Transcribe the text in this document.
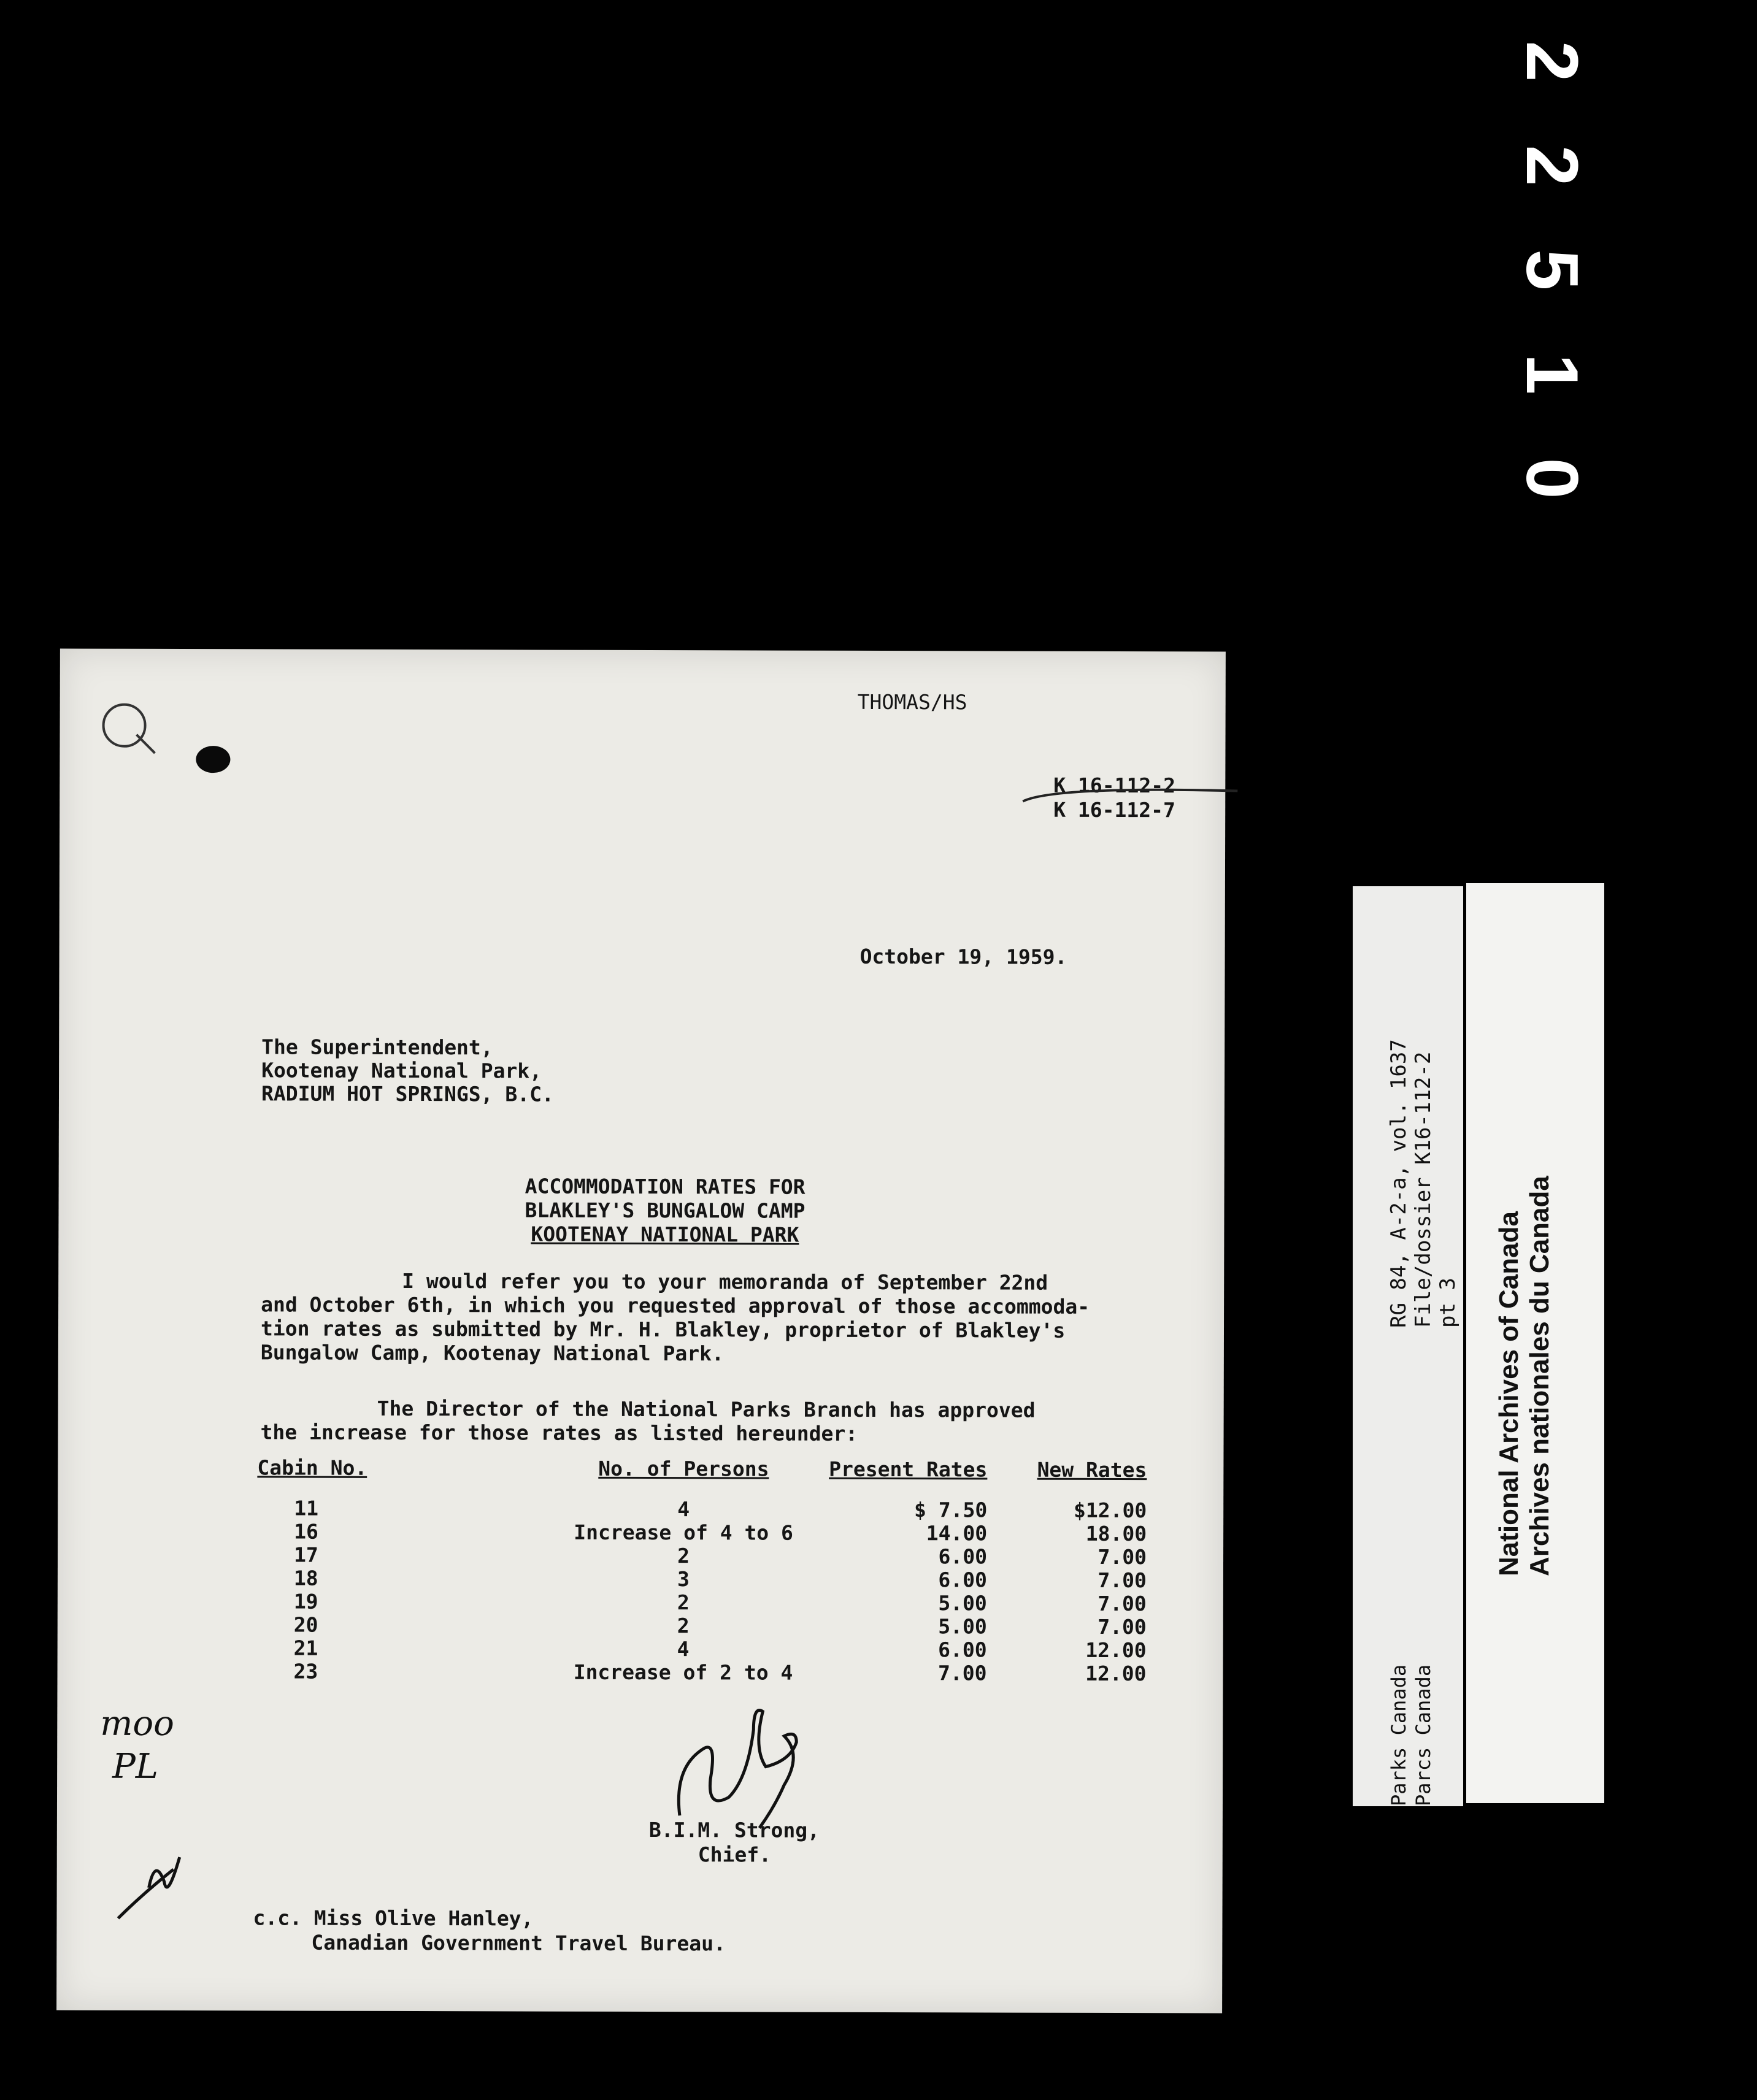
2
2
5
1
0
THOMAS/HS
K 16-112-2
K 16-112-7
October 19, 1959.
The Superintendent,
Kootenay National Park,
RADIUM HOT SPRINGS, B.C.
ACCOMMODATION RATES FOR
BLAKLEY'S BUNGALOW CAMP
KOOTENAY NATIONAL PARK
I would refer you to your memoranda of September 22nd
and October 6th, in which you requested approval of those accommoda-
tion rates as submitted by Mr. H. Blakley, proprietor of Blakley's
Bungalow Camp, Kootenay National Park.
The Director of the National Parks Branch has approved
the increase for those rates as listed hereunder:
Cabin No.	No. of Persons	Present Rates	New Rates
11	4	$ 7.50	$12.00
16	Increase of 4 to 6	14.00	18.00
17	2	6.00	7.00
18	3	6.00	7.00
19	2	5.00	7.00
20	2	5.00	7.00
21	4	6.00	12.00
23	Increase of 2 to 4	7.00	12.00
B.I.M. Strong,
Chief.
c.c. Miss Olive Hanley,
Canadian Government Travel Bureau.
moo
PL
RG 84, A-2-a, vol. 1637 File/dossier K16-112-2 pt 3
Parks Canada Parcs Canada
National Archives of Canada Archives nationales du Canada
